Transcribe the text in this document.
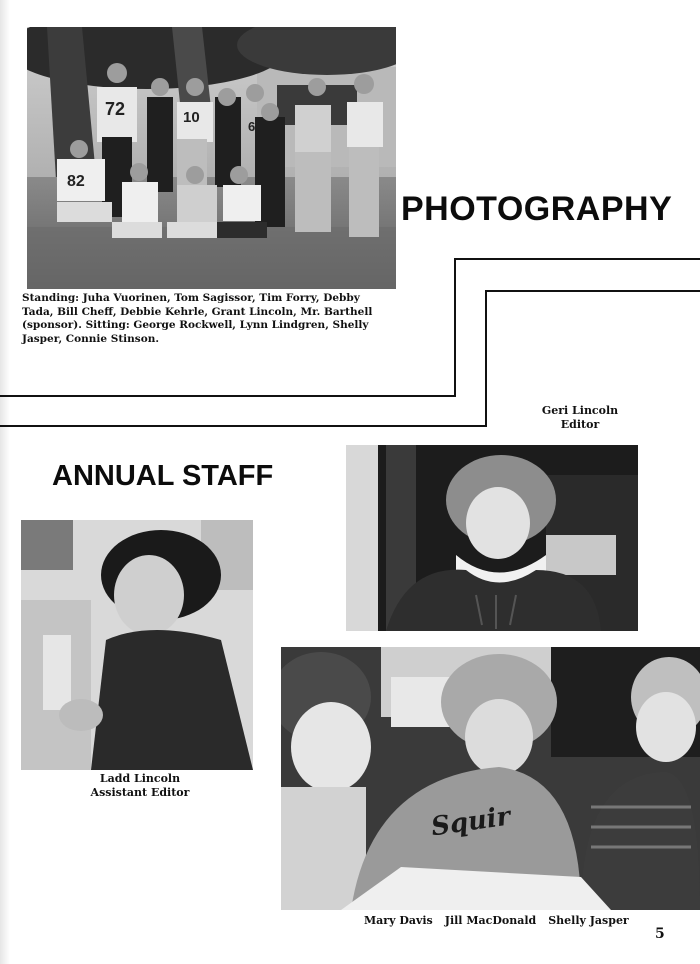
72	10
6
82
Standing: Juha Vuorinen, Tom Sagissor, Tim Forry, Debby Tada, Bill Cheff, Debbie Kehrle, Grant Lincoln, Mr. Barthell (sponsor). Sitting: George Rockwell, Lynn Lindgren, Shelly Jasper, Connie Stinson.
PHOTOGRAPHY
Geri Lincoln
Editor
ANNUAL STAFF
Ladd Lincoln
Assistant Editor
Squir
Mary Davis Jill MacDonald Shelly Jasper
5
